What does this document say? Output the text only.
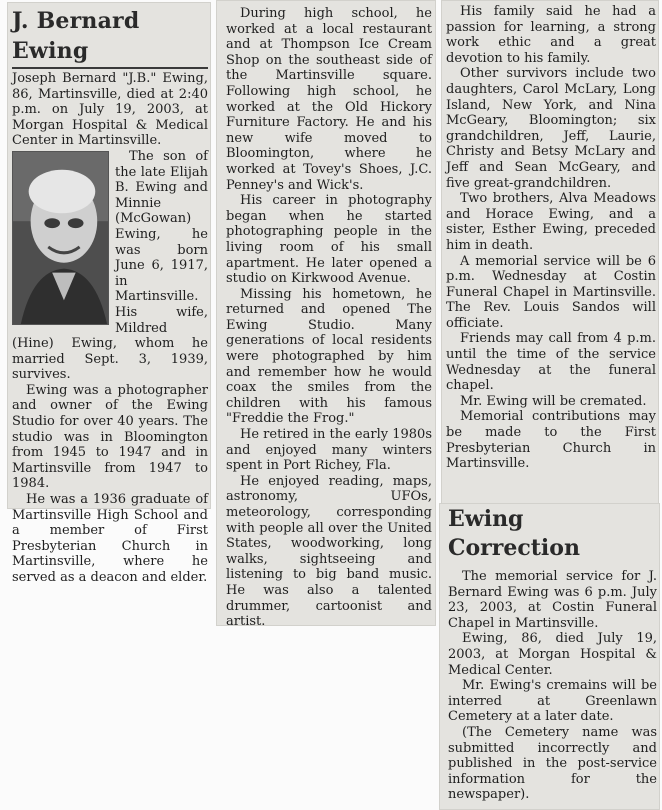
J. Bernard Ewing

Joseph Bernard "J.B." Ewing, 86, Martinsville, died at 2:40 p.m. on July 19, 2003, at Morgan Hospital & Medical Center in Martinsville.

The son of the late Elijah B. Ewing and Minnie (McGowan) Ewing, he was born June 6, 1917, in Martinsville. His wife, Mildred (Hine) Ewing, whom he married Sept. 3, 1939, survives.

Ewing was a photographer and owner of the Ewing Studio for over 40 years. The studio was in Bloomington from 1945 to 1947 and in Martinsville from 1947 to 1984.

He was a 1936 graduate of Martinsville High School and a member of First Presbyterian Church in Martinsville, where he served as a deacon and elder.

During high school, he worked at a local restaurant and at Thompson Ice Cream Shop on the southeast side of the Martinsville square. Following high school, he worked at the Old Hickory Furniture Factory. He and his new wife moved to Bloomington, where he worked at Tovey's Shoes, J.C. Penney's and Wick's.

His career in photography began when he started photographing people in the living room of his small apartment. He later opened a studio on Kirkwood Avenue.

Missing his hometown, he returned and opened The Ewing Studio. Many generations of local residents were photographed by him and remember how he would coax the smiles from the children with his famous "Freddie the Frog."

He retired in the early 1980s and enjoyed many winters spent in Port Richey, Fla.

He enjoyed reading, maps, astronomy, UFOs, meteorology, corresponding with people all over the United States, woodworking, long walks, sightseeing and listening to big band music. He was also a talented drummer, cartoonist and artist.

His family said he had a passion for learning, a strong work ethic and a great devotion to his family.

Other survivors include two daughters, Carol McLary, Long Island, New York, and Nina McGeary, Bloomington; six grandchildren, Jeff, Laurie, Christy and Betsy McLary and Jeff and Sean McGeary, and five great-grandchildren.

Two brothers, Alva Meadows and Horace Ewing, and a sister, Esther Ewing, preceded him in death.

A memorial service will be 6 p.m. Wednesday at Costin Funeral Chapel in Martinsville. The Rev. Louis Sandos will officiate.

Friends may call from 4 p.m. until the time of the service Wednesday at the funeral chapel.

Mr. Ewing will be cremated.

Memorial contributions may be made to the First Presbyterian Church in Martinsville.

Ewing Correction

The memorial service for J. Bernard Ewing was 6 p.m. July 23, 2003, at Costin Funeral Chapel in Martinsville.

Ewing, 86, died July 19, 2003, at Morgan Hospital & Medical Center.

Mr. Ewing's cremains will be interred at Greenlawn Cemetery at a later date.

(The Cemetery name was submitted incorrectly and published in the post-service information for the newspaper).
